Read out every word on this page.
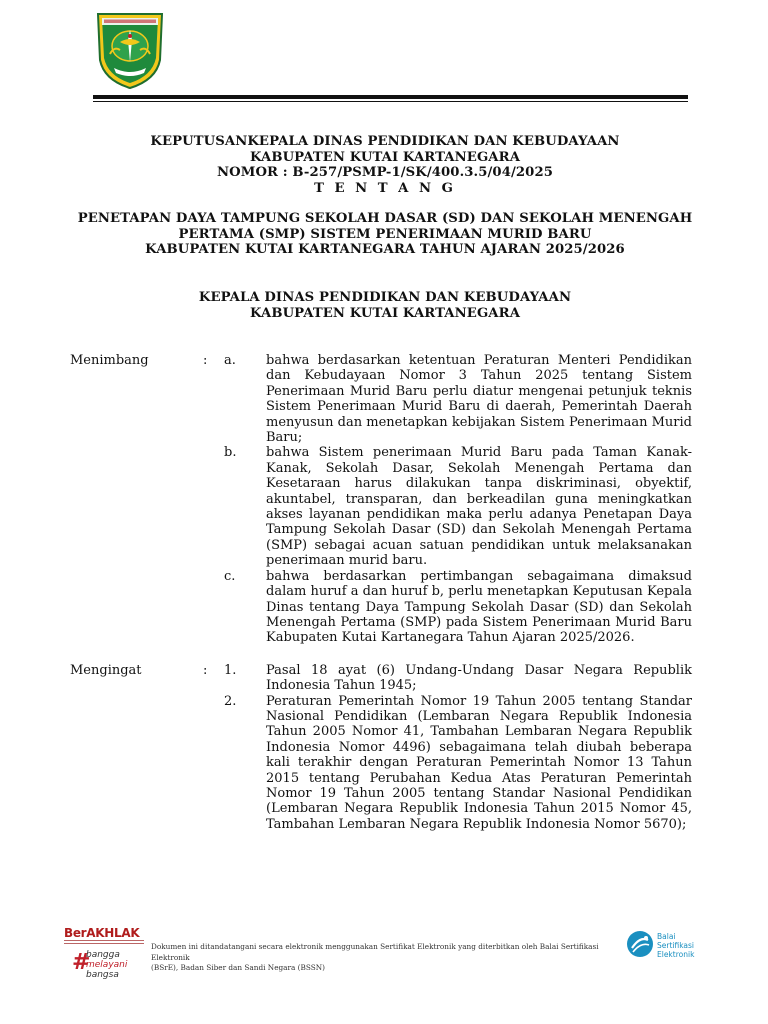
KEPUTUSANKEPALA DINAS PENDIDIKAN DAN KEBUDAYAAN
KABUPATEN KUTAI KARTANEGARA
NOMOR : B-257/PSMP-1/SK/400.3.5/04/2025
T E N T A N G
PENETAPAN DAYA TAMPUNG SEKOLAH DASAR (SD) DAN SEKOLAH MENENGAH
PERTAMA (SMP) SISTEM PENERIMAAN MURID BARU
KABUPATEN KUTAI KARTANEGARA TAHUN AJARAN 2025/2026
KEPALA DINAS PENDIDIKAN DAN KEBUDAYAAN
KABUPATEN KUTAI KARTANEGARA
Menimbang	: a. bahwa berdasarkan ketentuan Peraturan Menteri Pendidikan dan Kebudayaan Nomor 3 Tahun 2025 tentang Sistem Penerimaan Murid Baru perlu diatur mengenai petunjuk teknis Sistem Penerimaan Murid Baru di daerah, Pemerintah Daerah menyusun dan menetapkan kebijakan Sistem Penerimaan Murid Baru;
b. bahwa Sistem penerimaan Murid Baru pada Taman Kanak-Kanak, Sekolah Dasar, Sekolah Menengah Pertama dan Kesetaraan harus dilakukan tanpa diskriminasi, obyektif, akuntabel, transparan, dan berkeadilan guna meningkatkan akses layanan pendidikan maka perlu adanya Penetapan Daya Tampung Sekolah Dasar (SD) dan Sekolah Menengah Pertama (SMP) sebagai acuan satuan pendidikan untuk melaksanakan penerimaan murid baru.
c. bahwa berdasarkan pertimbangan sebagaimana dimaksud dalam huruf a dan huruf b, perlu menetapkan Keputusan Kepala Dinas tentang Daya Tampung Sekolah Dasar (SD) dan Sekolah Menengah Pertama (SMP) pada Sistem Penerimaan Murid Baru Kabupaten Kutai Kartanegara Tahun Ajaran 2025/2026.
Mengingat	: 1. Pasal 18 ayat (6) Undang-Undang Dasar Negara Republik Indonesia Tahun 1945;
2. Peraturan Pemerintah Nomor 19 Tahun 2005 tentang Standar Nasional Pendidikan (Lembaran Negara Republik Indonesia Tahun 2005 Nomor 41, Tambahan Lembaran Negara Republik Indonesia Nomor 4496) sebagaimana telah diubah beberapa kali terakhir dengan Peraturan Pemerintah Nomor 13 Tahun 2015 tentang Perubahan Kedua Atas Peraturan Pemerintah Nomor 19 Tahun 2005 tentang Standar Nasional Pendidikan (Lembaran Negara Republik Indonesia Tahun 2015 Nomor 45, Tambahan Lembaran Negara Republik Indonesia Nomor 5670);
BerAKHLAK
#
bangga
melayani
bangsa
Dokumen ini ditandatangani secara elektronik menggunakan Sertifikat Elektronik yang diterbitkan oleh Balai Sertifikasi Elektronik
(BSrE), Badan Siber dan Sandi Negara (BSSN)
Balai
Sertifikasi
Elektronik
